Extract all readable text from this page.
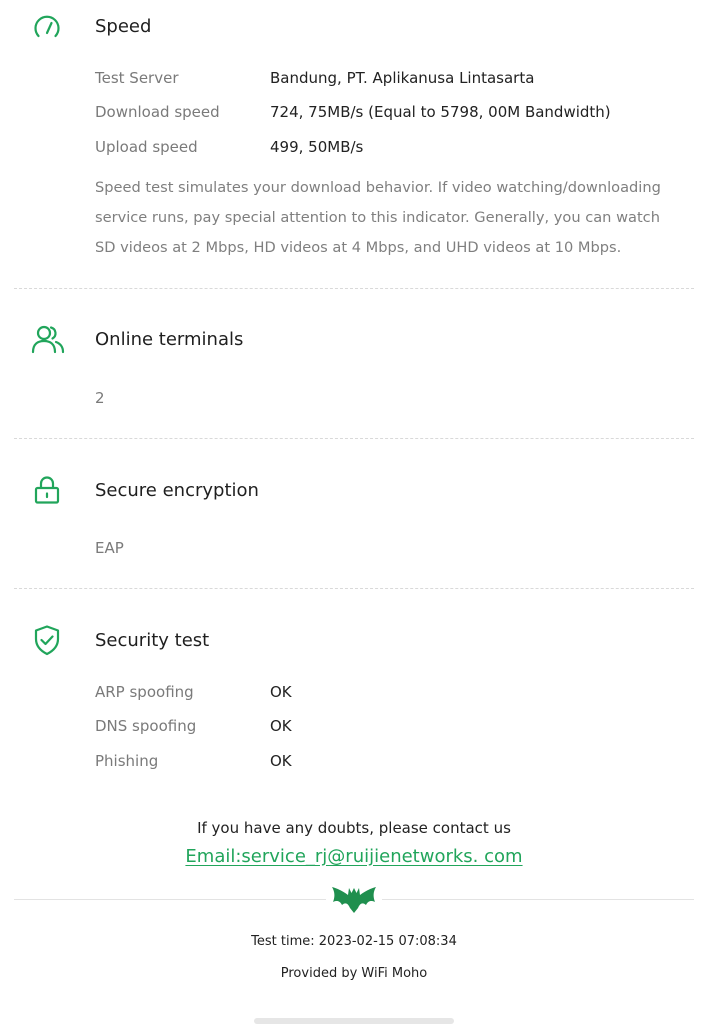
Speed
Test Server	Bandung, PT. Aplikanusa Lintasarta
Download speed	724, 75MB/s (Equal to 5798, 00M Bandwidth)
Upload speed	499, 50MB/s
Speed test simulates your download behavior. If video watching/downloading service runs, pay special attention to this indicator. Generally, you can watch SD videos at 2 Mbps, HD videos at 4 Mbps, and UHD videos at 10 Mbps.
Online terminals
2
Secure encryption
EAP
Security test
ARP spoofing	OK
DNS spoofing	OK
Phishing	OK
If you have any doubts, please contact us
Email:service_rj@ruijienetworks. com
Test time: 2023-02-15 07:08:34
Provided by WiFi Moho
